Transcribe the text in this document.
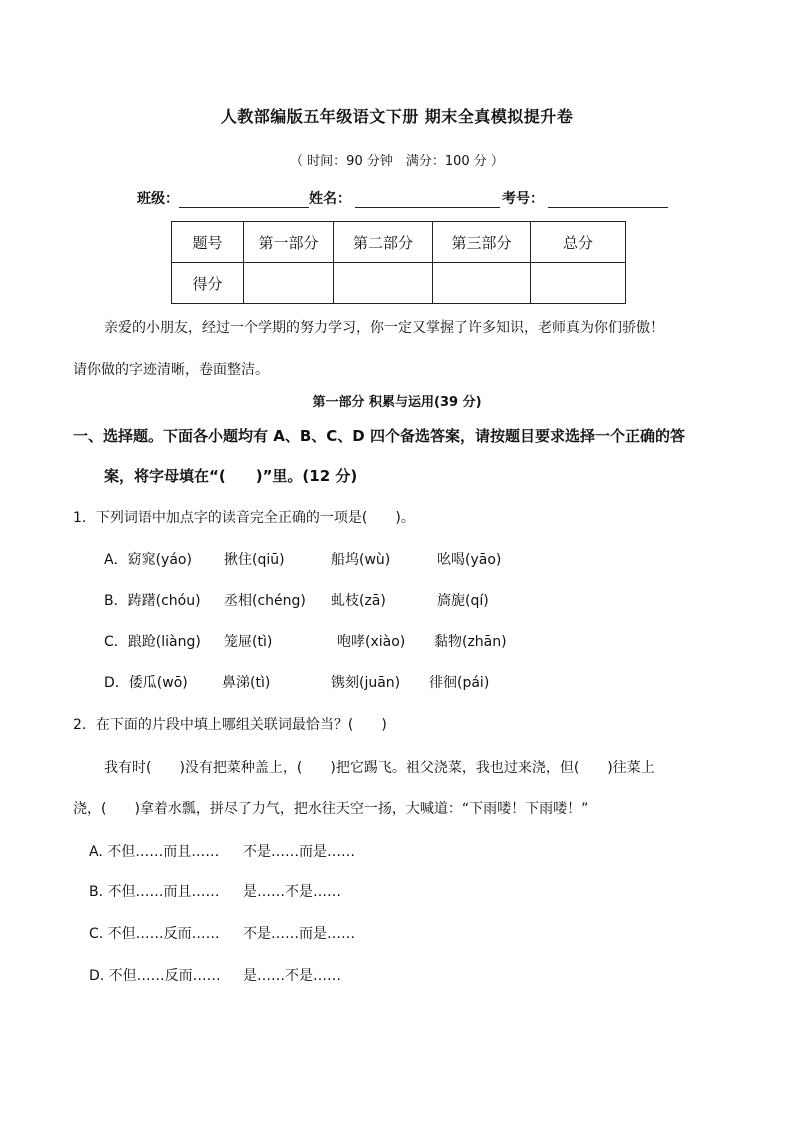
人教部编版五年级语文下册 期末全真模拟提升卷
（ 时间：90 分钟　满分：100 分 ）
班级：	姓名：	考号：
题号	第一部分	第二部分	第三部分	总分
得分				
亲爱的小朋友，经过一个学期的努力学习，你一定又掌握了许多知识，老师真为你们骄傲！
请你做的字迹清晰，卷面整洁。
第一部分 积累与运用(39 分)
一、选择题。下面各小题均有 A、B、C、D 四个备选答案，请按题目要求选择一个正确的答
案，将字母填在“(　　)”里。(12 分)
1．下列词语中加点字的读音完全正确的一项是(　　)。
A．窈窕(yáo) 揪住(qiū)	船坞(wù)	吆喝(yāo)
B．踌躇(chóu) 丞相(chéng) 虬枝(zā)	旖旎(qí)
C．踉跄(liàng) 笼屉(tì)	咆哮(xiào) 黏物(zhān)
D．倭瓜(wō) 鼻涕(tì)	镌刻(juān) 徘徊(pái)
2．在下面的片段中填上哪组关联词最恰当？(　　)
我有时(　　)没有把菜种盖上，(　　)把它踢飞。祖父浇菜，我也过来浇，但(　　)往菜上
浇，(　　)拿着水瓢，拼尽了力气，把水往天空一扬，大喊道：“下雨喽！下雨喽！”
A. 不但……而且…… 不是……而是……
B. 不但……而且…… 是……不是……
C. 不但……反而…… 不是……而是……
D. 不但……反而…… 是……不是……
